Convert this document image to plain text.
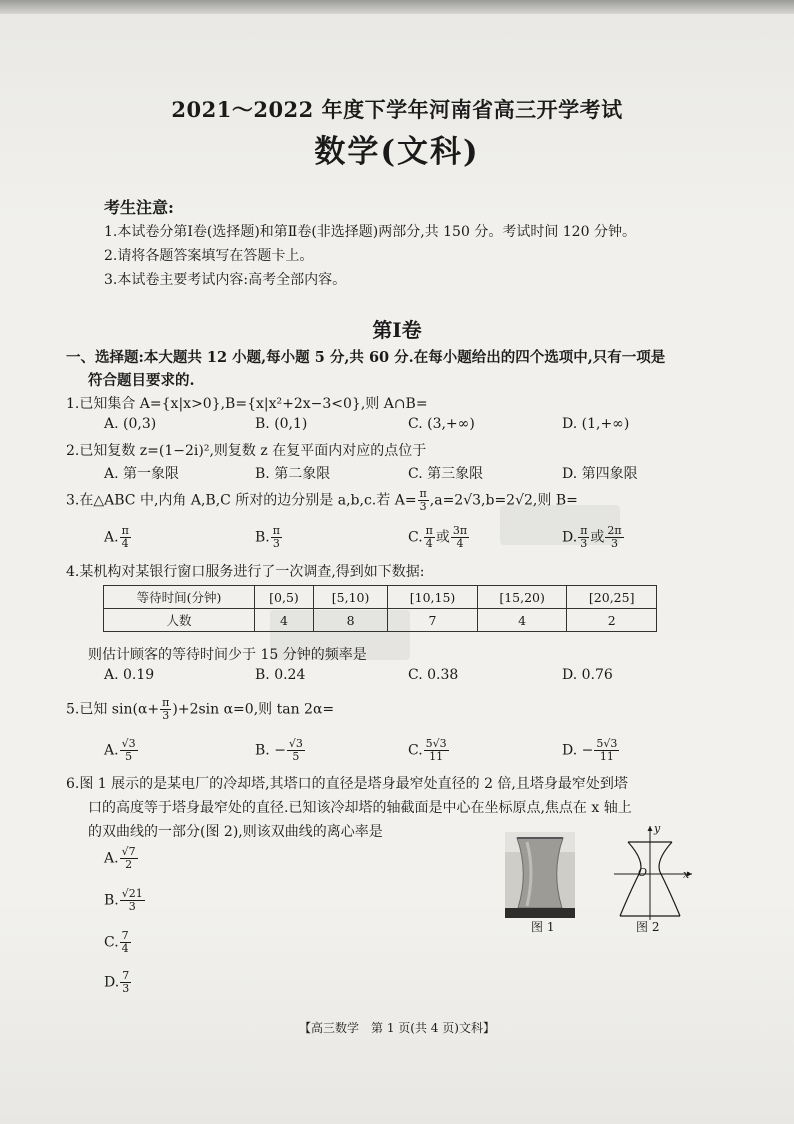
2021～2022 年度下学年河南省高三开学考试
数学(文科)
考生注意:
1.本试卷分第Ⅰ卷(选择题)和第Ⅱ卷(非选择题)两部分,共 150 分。考试时间 120 分钟。
2.请将各题答案填写在答题卡上。
3.本试卷主要考试内容:高考全部内容。
第Ⅰ卷
一、选择题:本大题共 12 小题,每小题 5 分,共 60 分.在每小题给出的四个选项中,只有一项是
符合题目要求的.
1.已知集合 A={x|x>0},B={x|x²+2x−3<0},则 A∩B=
A. (0,3)	B. (0,1)	C. (3,+∞)	D. (1,+∞)
2.已知复数 z=(1−2i)²,则复数 z 在复平面内对应的点位于
A. 第一象限	B. 第二象限	C. 第三象限	D. 第四象限
3.在△ABC 中,内角 A,B,C 所对的边分别是 a,b,c.若 $A= \frac{\pi}{3} ,a=2√3,b=2√2$,则 B=
A. $\frac{\pi}{4}$	B. $\frac{\pi}{3}$	C. $\frac{\pi}{4}$ 或 $\frac{3\pi}{4}$	D. $\frac{\pi}{3}$ 或 $\frac{2\pi}{3}$
4.某机构对某银行窗口服务进行了一次调查,得到如下数据:
等待时间(分钟)	[0,5)	[5,10)	[10,15)	[15,20)	[20,25]
人数	4	8	7	4	2
则估计顾客的等待时间少于 15 分钟的频率是
A. 0.19	B. 0.24	C. 0.38	D. 0.76
5.已知 $\sin(\alpha+ \frac{\pi}{3} )+2\sin$ α=0,则 tan 2α=
A. $\frac{√3}{5}$	B. − $\frac{√3}{5}$	C. $\frac{5√3}{11}$	D. − $\frac{5√3}{11}$
6.图 1 展示的是某电厂的冷却塔,其塔口的直径是塔身最窄处直径的 2 倍,且塔身最窄处到塔
口的高度等于塔身最窄处的直径.已知该冷却塔的轴截面是中心在坐标原点,焦点在 x 轴上
的双曲线的一部分(图 2),则该双曲线的离心率是
A. $\frac{√7}{2}$
B. $\frac{√21}{3}$
C. $\frac{7}{4}$
D. $\frac{7}{3}$
图 1
y
x
O
图 2
【高三数学　第 1 页(共 4 页)文科】
